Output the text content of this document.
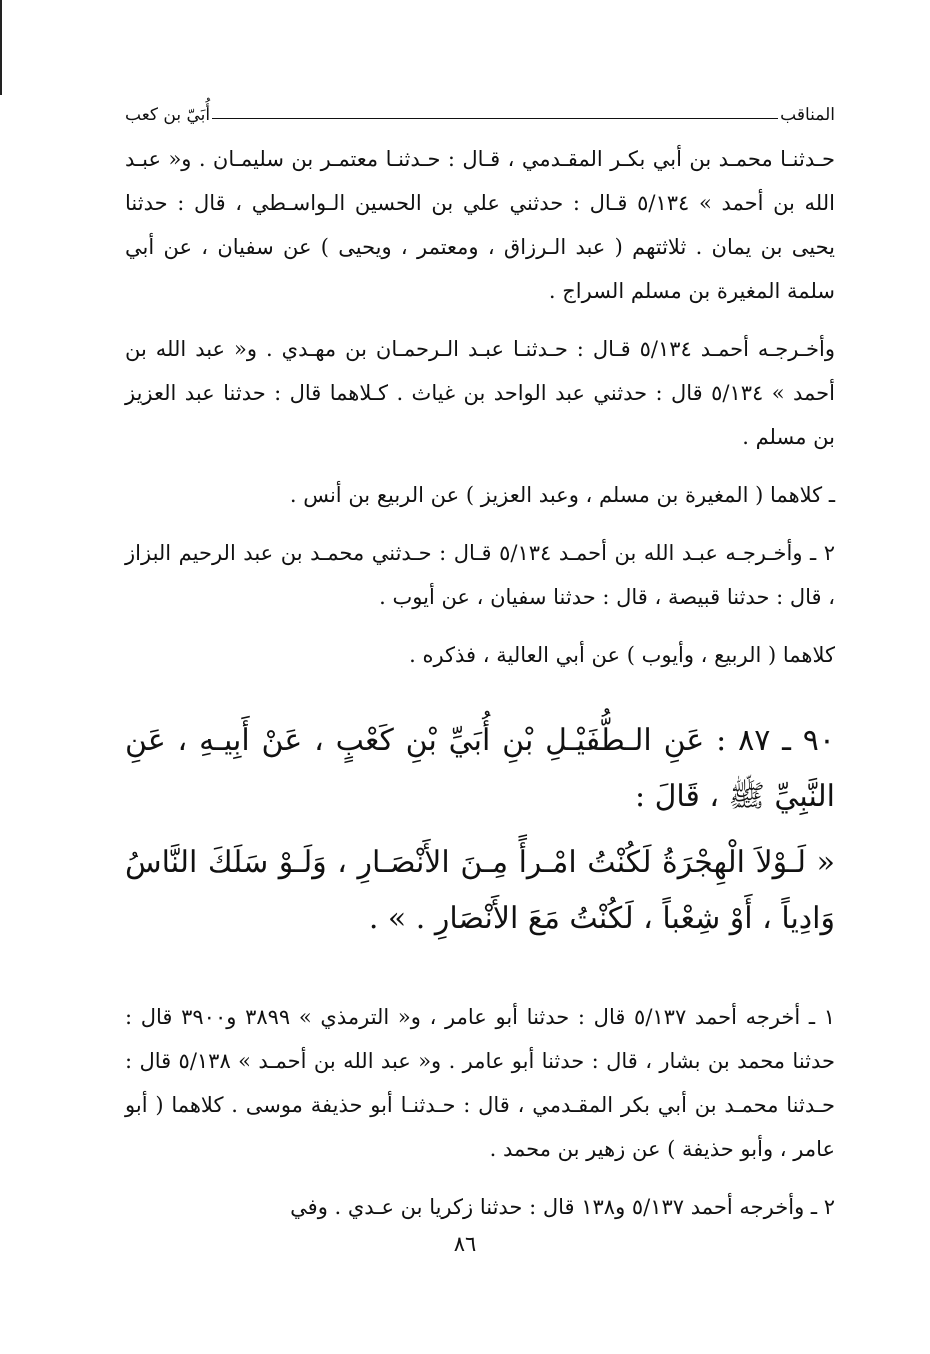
المناقب
أُبَيّ بن كعب

حـدثنـا محمـد بن أبي بكـر المقـدمي ، قـال : حـدثنـا معتمـر بن سليمـان . و« عبـد الله بن أحمد » ٥/١٣٤ قـال : حدثني علي بن الحسين الـواسـطي ، قال : حدثنا يحيى بن يمان . ثلاثتهم ( عبد الـرزاق ، ومعتمر ، ويحيى ) عن سفيان ، عن أبي سلمة المغيرة بن مسلم السراج .

وأخـرجـه أحمـد ٥/١٣٤ قـال : حـدثنـا عبـد الـرحمـان بن مهـدي . و« عبد الله بن أحمد » ٥/١٣٤ قال : حدثني عبد الواحد بن غياث . كـلاهما قال : حدثنا عبد العزيز بن مسلم .

ـ كلاهما ( المغيرة بن مسلم ، وعبد العزيز ) عن الربيع بن أنس .

٢ ـ وأخـرجـه عبـد الله بن أحمـد ٥/١٣٤ قـال : حـدثني محمـد بن عبد الرحيم البزاز ، قال : حدثنا قبيصة ، قال : حدثنا سفيان ، عن أيوب .

كلاهما ( الربيع ، وأيوب ) عن أبي العالية ، فذكره .

٩٠ ـ ٨٧ : عَنِ الـطُّفَيْـلِ بْنِ أُبَيِّ بْنِ كَعْبٍ ، عَنْ أَبِيـهِ ، عَنِ النَّبِيِّ ﷺ ، قَالَ :

« لَـوْلاَ الْهِجْرَةُ لَكُنْتُ امْـرأً مِـنَ الأَنْصَـارِ ، وَلَـوْ سَلَكَ النَّاسُ وَادِياً ، أَوْ شِعْباً ، لَكُنْتُ مَعَ الأَنْصَارِ . » .

١ ـ أخرجه أحمد ٥/١٣٧ قال : حدثنا أبو عامر ، و« الترمذي » ٣٨٩٩ و٣٩٠٠ قال : حدثنا محمد بن بشار ، قال : حدثنا أبو عامر . و« عبد الله بن أحمـد » ٥/١٣٨ قال : حـدثنا محمـد بن أبي بكر المقـدمي ، قال : حـدثنـا أبو حذيفة موسى . كلاهما ( أبو عامر ، وأبو حذيفة ) عن زهير بن محمد .

٢ ـ وأخرجه أحمد ٥/١٣٧ و١٣٨ قال : حدثنا زكريا بن عـدي . وفي

٨٦
